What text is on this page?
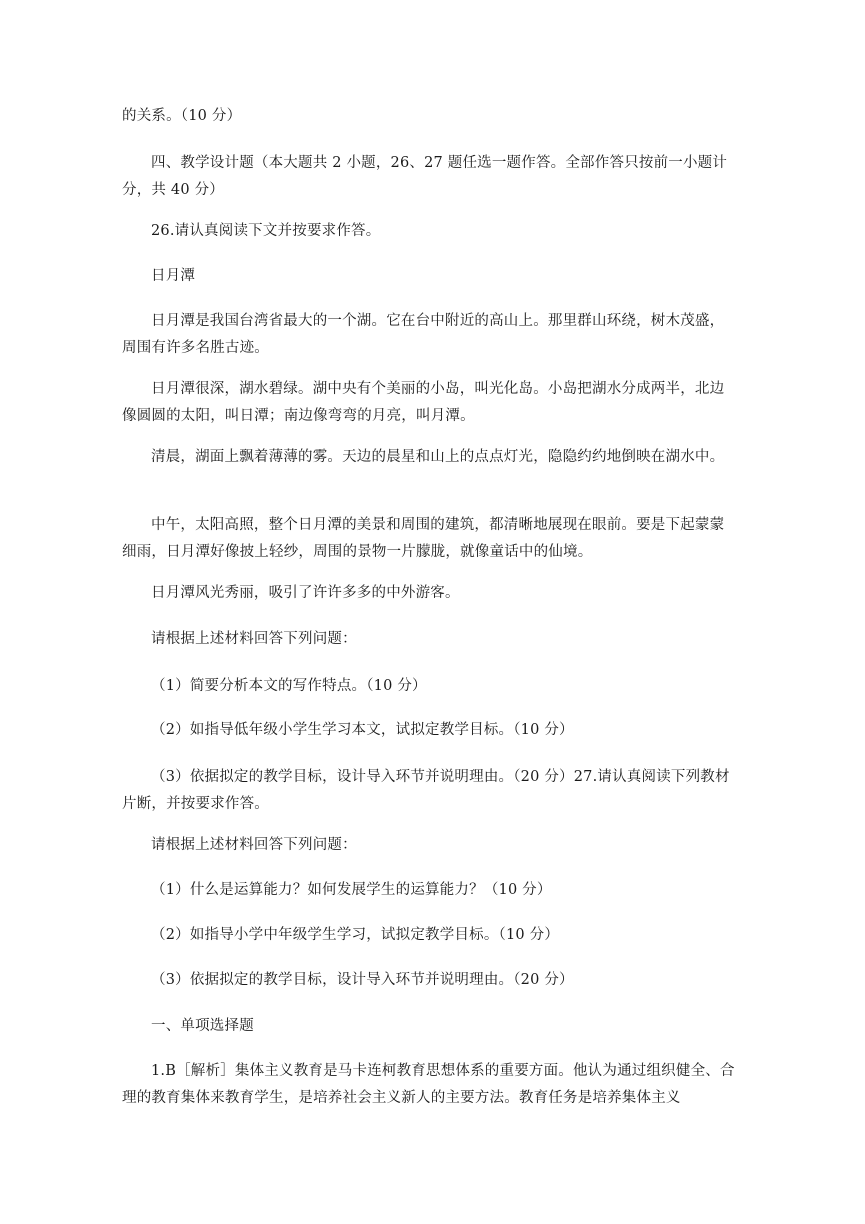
的关系。（10 分）

四、教学设计题（本大题共 2 小题，26、27 题任选一题作答。全部作答只按前一小题计分，共 40 分）

26.请认真阅读下文并按要求作答。

日月潭

日月潭是我国台湾省最大的一个湖。它在台中附近的高山上。那里群山环绕，树木茂盛，周围有许多名胜古迹。

日月潭很深，湖水碧绿。湖中央有个美丽的小岛，叫光化岛。小岛把湖水分成两半，北边像圆圆的太阳，叫日潭；南边像弯弯的月亮，叫月潭。

清晨，湖面上飘着薄薄的雾。天边的晨星和山上的点点灯光，隐隐约约地倒映在湖水中。

中午，太阳高照，整个日月潭的美景和周围的建筑，都清晰地展现在眼前。要是下起蒙蒙细雨，日月潭好像披上轻纱，周围的景物一片朦胧，就像童话中的仙境。

日月潭风光秀丽，吸引了许许多多的中外游客。

请根据上述材料回答下列问题：

（1）简要分析本文的写作特点。（10 分）

（2）如指导低年级小学生学习本文，试拟定教学目标。（10 分）

（3）依据拟定的教学目标，设计导入环节并说明理由。（20 分）27.请认真阅读下列教材片断，并按要求作答。

请根据上述材料回答下列问题：

（1）什么是运算能力？如何发展学生的运算能力？（10 分）

（2）如指导小学中年级学生学习，试拟定教学目标。（10 分）

（3）依据拟定的教学目标，设计导入环节并说明理由。（20 分）

一、单项选择题

1.B［解析］集体主义教育是马卡连柯教育思想体系的重要方面。他认为通过组织健全、合理的教育集体来教育学生，是培养社会主义新人的主要方法。教育任务是培养集体主义
